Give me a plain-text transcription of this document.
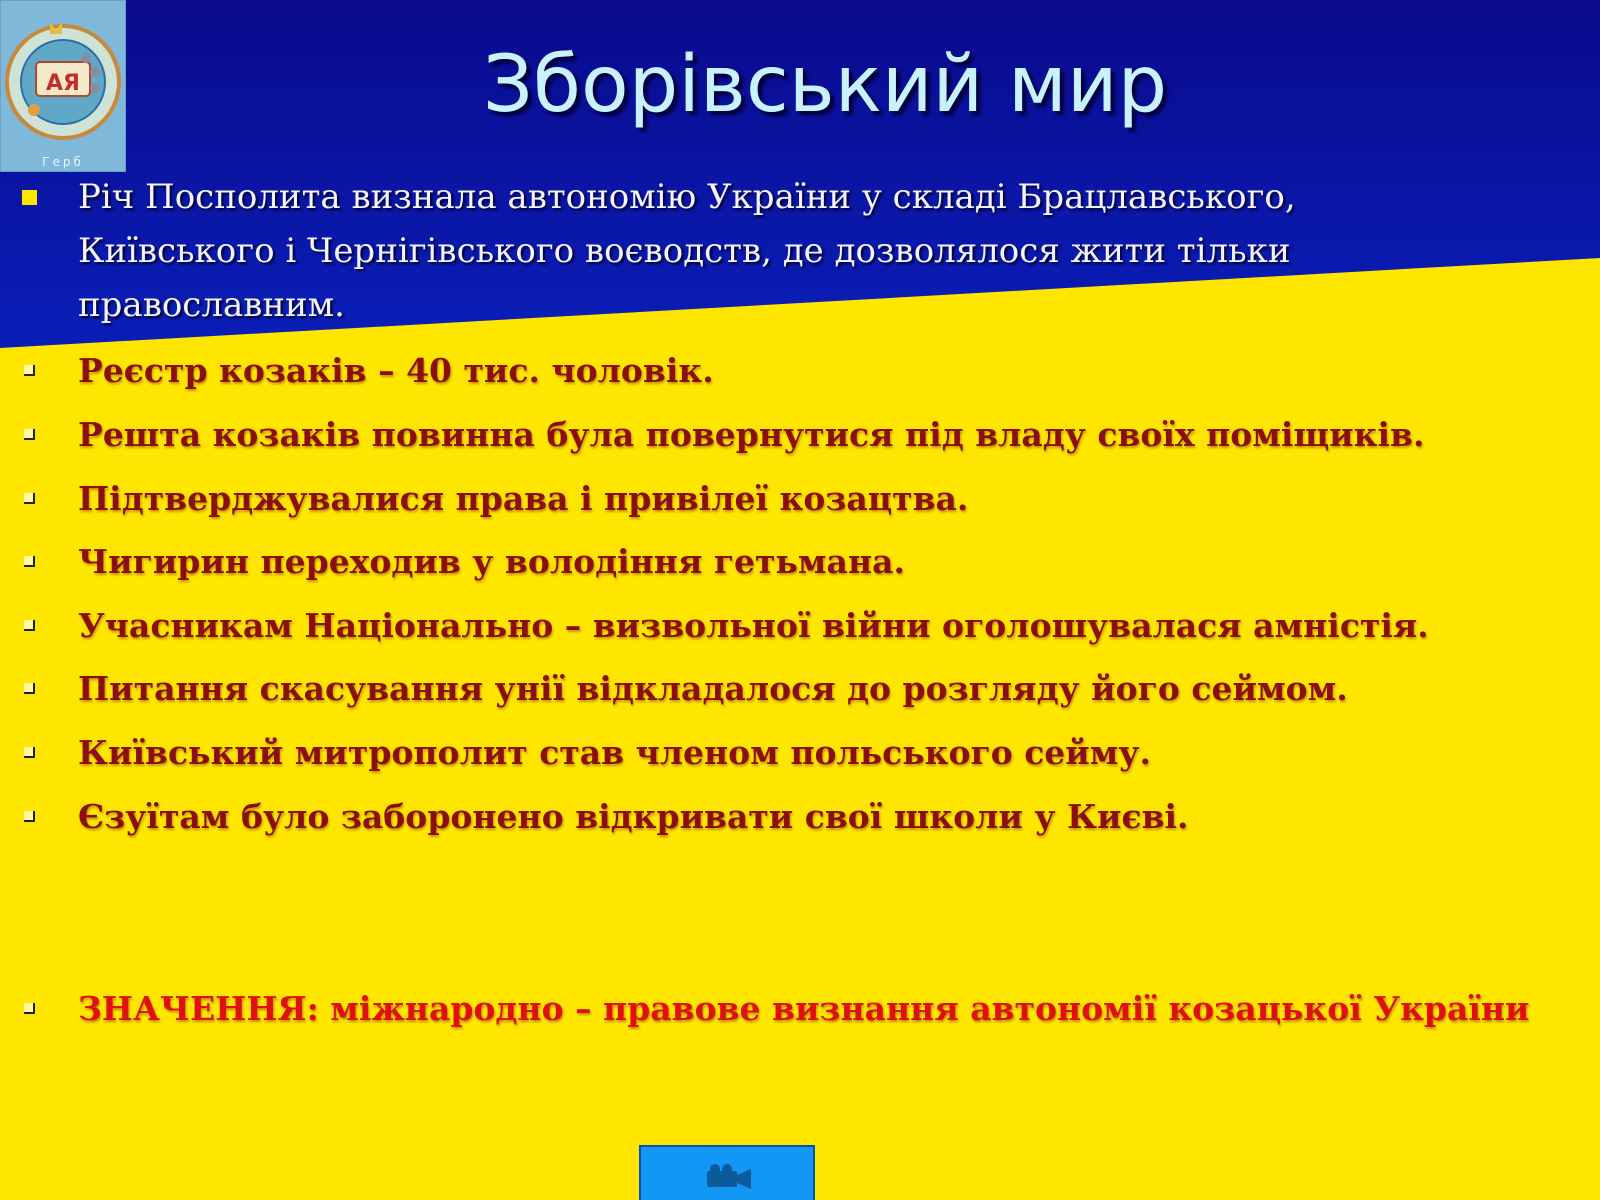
АЯ
Герб
Зборівський мир
Річ Посполита визнала автономію України у складі Брацлавського,
Київського і Чернігівського воєводств, де дозволялося жити тільки
православним.
Реєстр козаків – 40 тис. чоловік.
Решта козаків повинна була повернутися під владу своїх поміщиків.
Підтверджувалися права і привілеї козацтва.
Чигирин переходив у володіння гетьмана.
Учасникам Національно – визвольної війни оголошувалася амністія.
Питання скасування унії відкладалося до розгляду його сеймом.
Київський митрополит став членом польського сейму.
Єзуїтам було заборонено відкривати свої школи у Києві.
ЗНАЧЕННЯ: міжнародно – правове визнання автономії козацької України
